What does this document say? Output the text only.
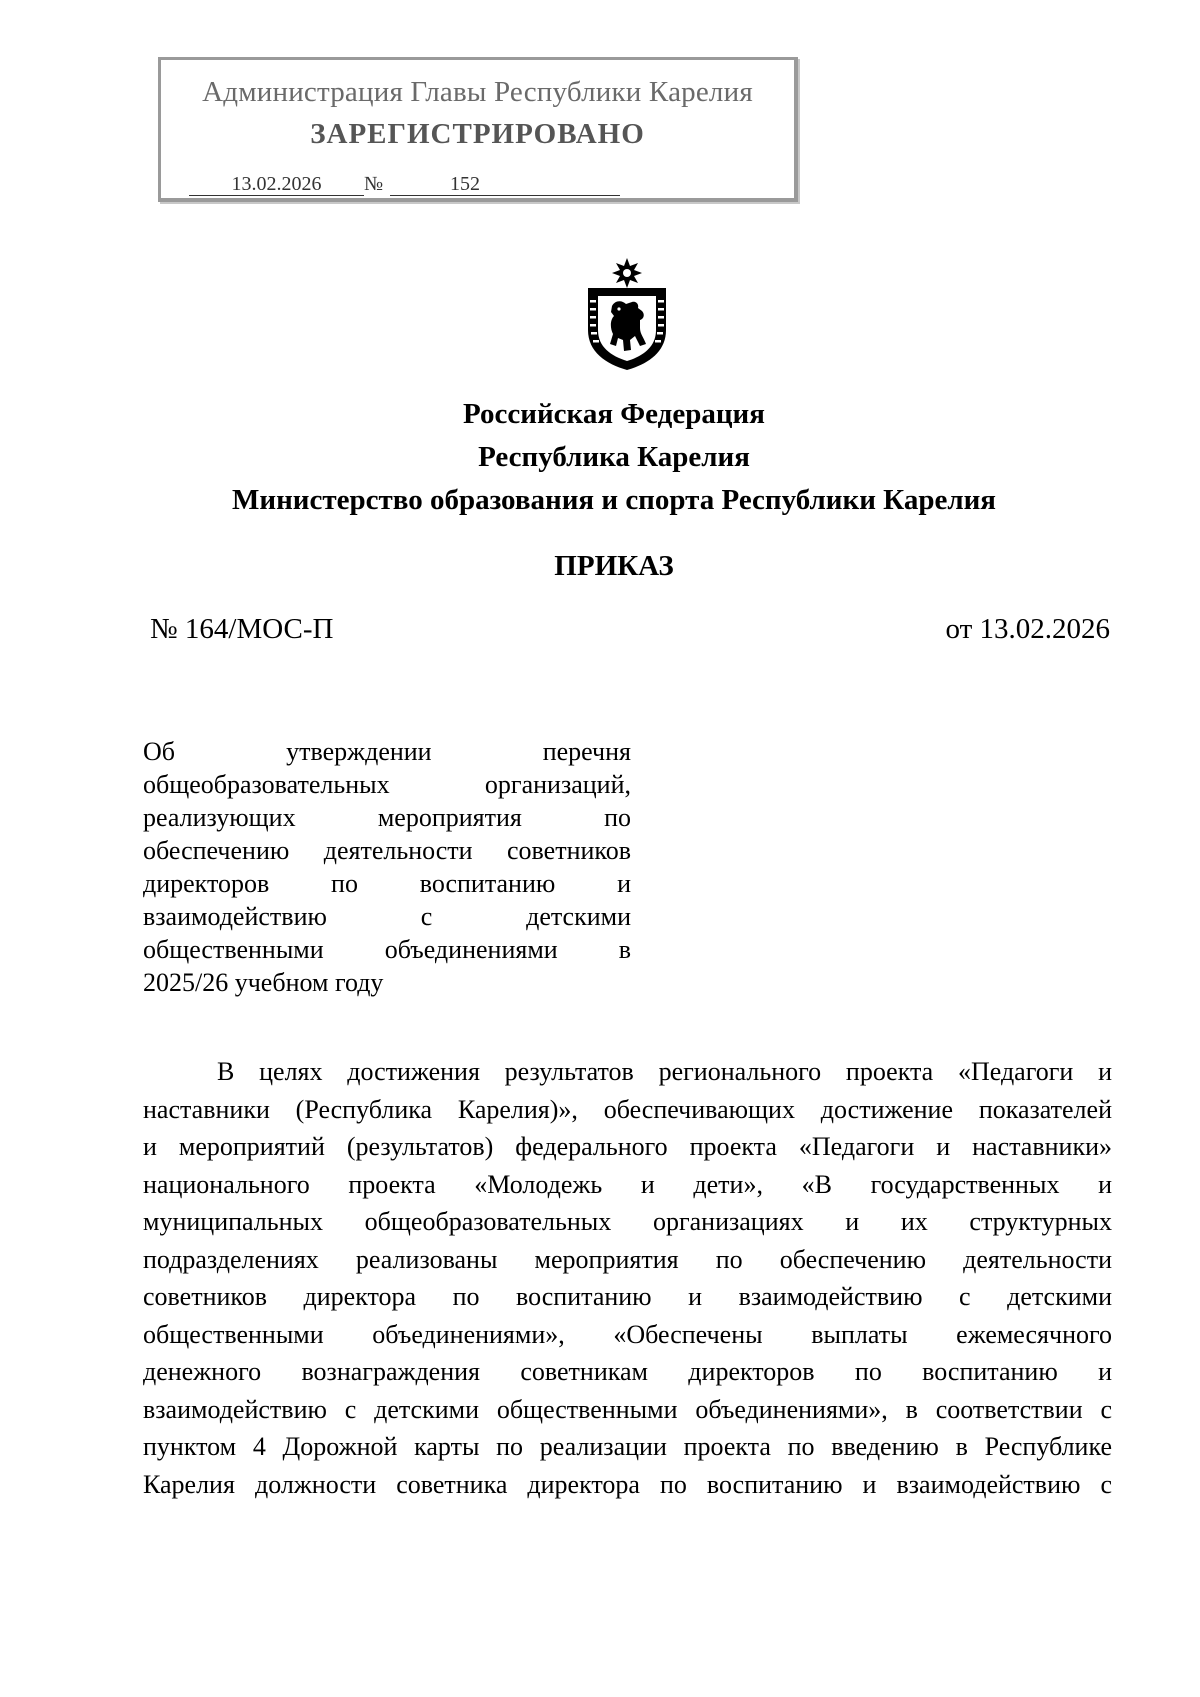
Администрация Главы Республики Карелия
ЗАРЕГИСТРИРОВАНО
13.02.2026 №	152
Российская Федерация
Республика Карелия
Министерство образования и спорта Республики Карелия
ПРИКАЗ
№ 164/МОС-П	от 13.02.2026
Об утверждении перечня
общеобразовательных организаций,
реализующих мероприятия по
обеспечению деятельности советников
директоров по воспитанию и
взаимодействию с детскими
общественными объединениями в
2025/26 учебном году
В целях достижения результатов регионального проекта «Педагоги и
наставники (Республика Карелия)», обеспечивающих достижение показателей
и мероприятий (результатов) федерального проекта «Педагоги и наставники»
национального проекта «Молодежь и дети», «В государственных и
муниципальных общеобразовательных организациях и их структурных
подразделениях реализованы мероприятия по обеспечению деятельности
советников директора по воспитанию и взаимодействию с детскими
общественными объединениями», «Обеспечены выплаты ежемесячного
денежного вознаграждения советникам директоров по воспитанию и
взаимодействию с детскими общественными объединениями», в соответствии с
пунктом 4 Дорожной карты по реализации проекта по введению в Республике
Карелия должности советника директора по воспитанию и взаимодействию с
